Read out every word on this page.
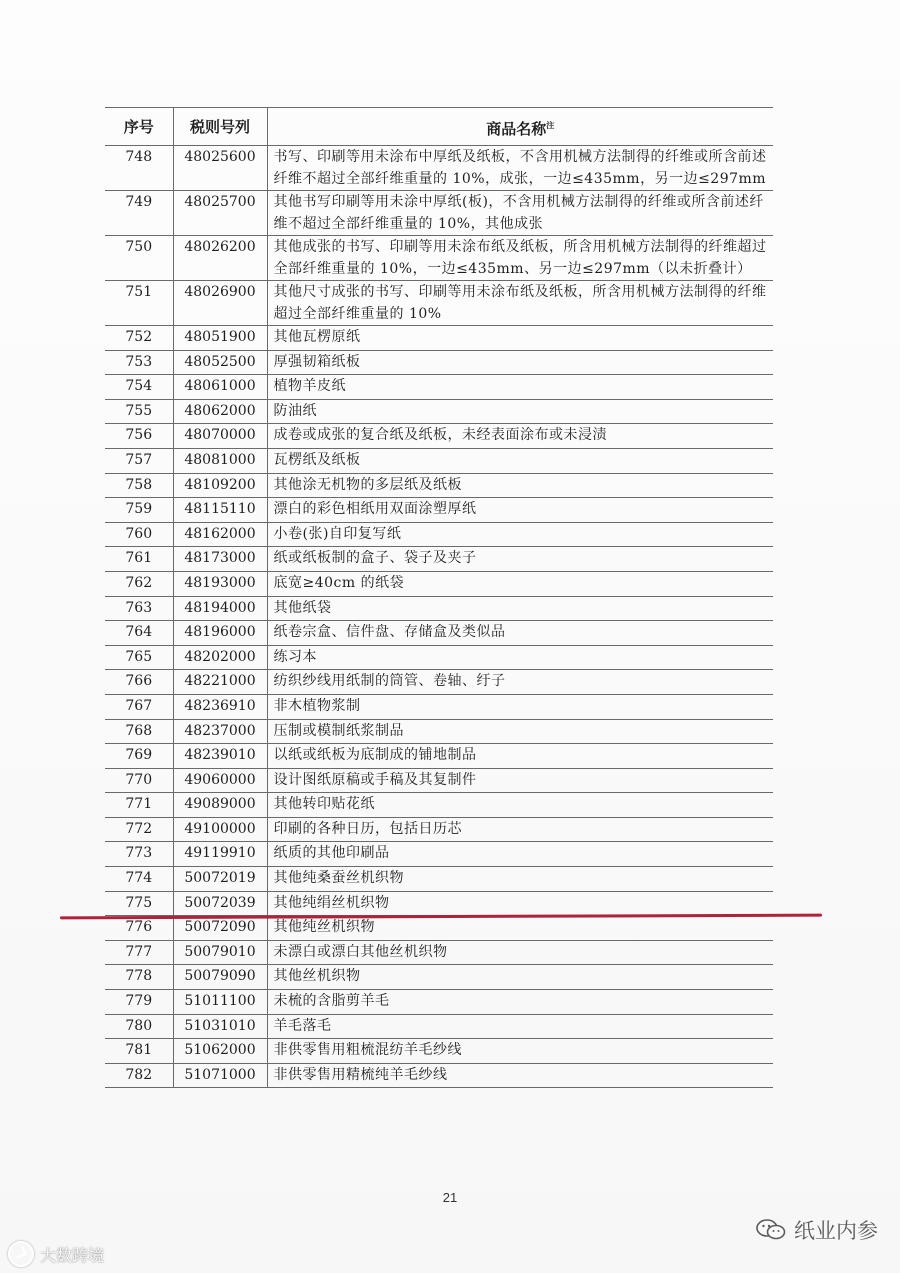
序号	税则号列	商品名称$^注$
748	48025600	书写、印刷等用未涂布中厚纸及纸板，不含用机械方法制得的纤维或所含前述纤维不超过全部纤维重量的 10%，成张，一边≤435mm，另一边≤297mm
749	48025700	其他书写印刷等用未涂中厚纸(板)，不含用机械方法制得的纤维或所含前述纤维不超过全部纤维重量的 10%，其他成张
750	48026200	其他成张的书写、印刷等用未涂布纸及纸板，所含用机械方法制得的纤维超过全部纤维重量的 10%，一边≤435mm、另一边≤297mm（以未折叠计）
751	48026900	其他尺寸成张的书写、印刷等用未涂布纸及纸板，所含用机械方法制得的纤维超过全部纤维重量的 10%
752	48051900	其他瓦楞原纸
753	48052500	厚强韧箱纸板
754	48061000	植物羊皮纸
755	48062000	防油纸
756	48070000	成卷或成张的复合纸及纸板，未经表面涂布或未浸渍
757	48081000	瓦楞纸及纸板
758	48109200	其他涂无机物的多层纸及纸板
759	48115110	漂白的彩色相纸用双面涂塑厚纸
760	48162000	小卷(张)自印复写纸
761	48173000	纸或纸板制的盒子、袋子及夹子
762	48193000	底宽≥40cm 的纸袋
763	48194000	其他纸袋
764	48196000	纸卷宗盒、信件盘、存储盒及类似品
765	48202000	练习本
766	48221000	纺织纱线用纸制的筒管、卷轴、纡子
767	48236910	非木植物浆制
768	48237000	压制或模制纸浆制品
769	48239010	以纸或纸板为底制成的铺地制品
770	49060000	设计图纸原稿或手稿及其复制件
771	49089000	其他转印贴花纸
772	49100000	印刷的各种日历，包括日历芯
773	49119910	纸质的其他印刷品
774	50072019	其他纯桑蚕丝机织物
775	50072039	其他纯绢丝机织物
776	50072090	其他纯丝机织物
777	50079010	未漂白或漂白其他丝机织物
778	50079090	其他丝机织物
779	51011100	未梳的含脂剪羊毛
780	51031010	羊毛落毛
781	51062000	非供零售用粗梳混纺羊毛纱线
782	51071000	非供零售用精梳纯羊毛纱线
21
大数跨境
纸业内参
